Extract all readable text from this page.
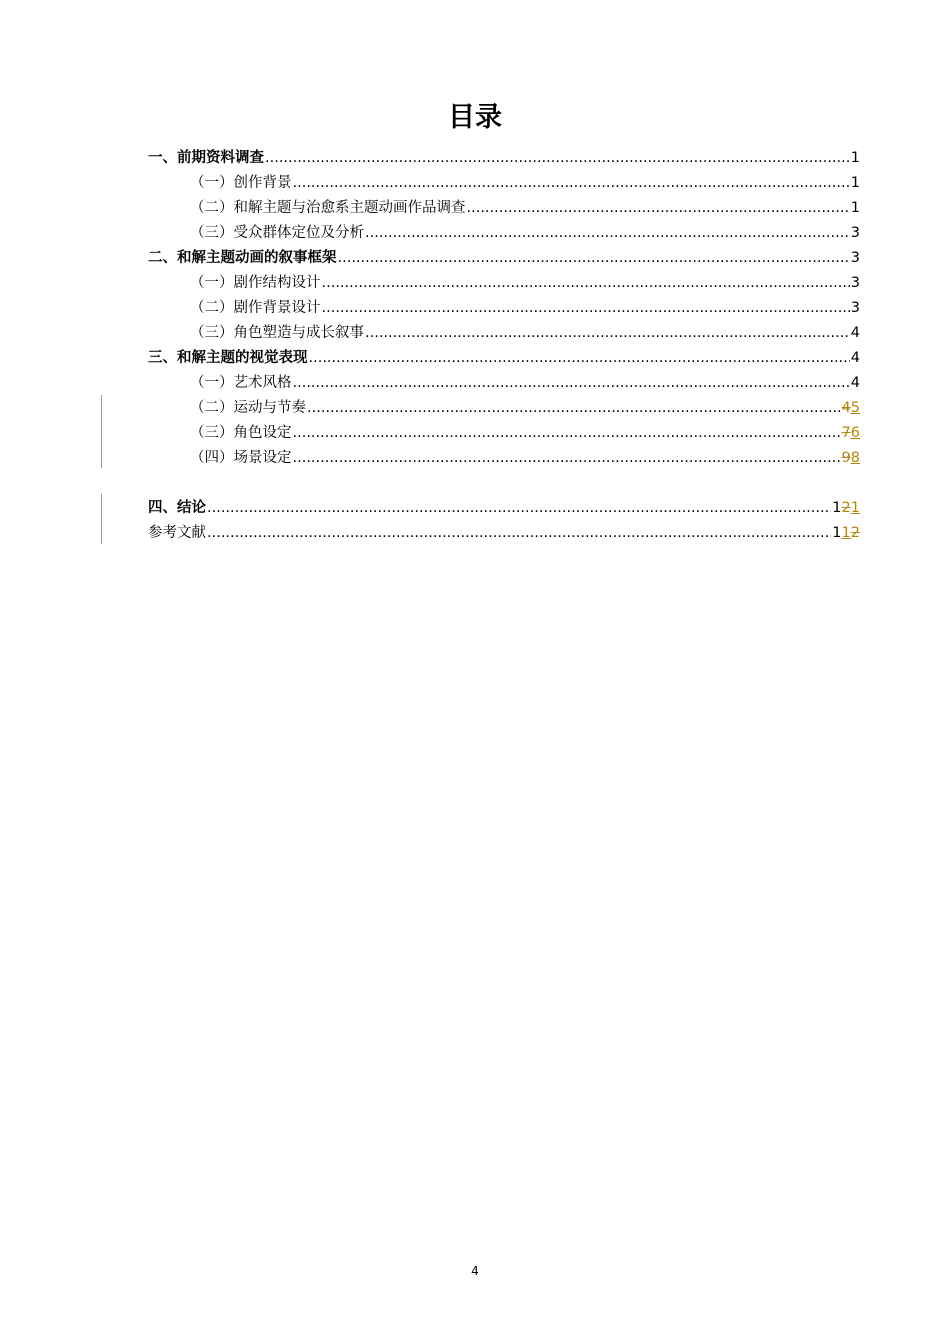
目录
一、前期资料调查 .....	1
（一）创作背景 .....	1
（二）和解主题与治愈系主题动画作品调查 .....	1
（三）受众群体定位及分析 .....	3
二、和解主题动画的叙事框架 .....	3
（一）剧作结构设计 .....	3
（二）剧作背景设计 .....	3
（三）角色塑造与成长叙事 .....	4
三、和解主题的视觉表现 .....	4
（一）艺术风格 .....	4
（二）运动与节奏 .....	45
（三）角色设定 .....	76
（四）场景设定 .....	98
四、结论 .....	121
参考文献 .....	112
4
